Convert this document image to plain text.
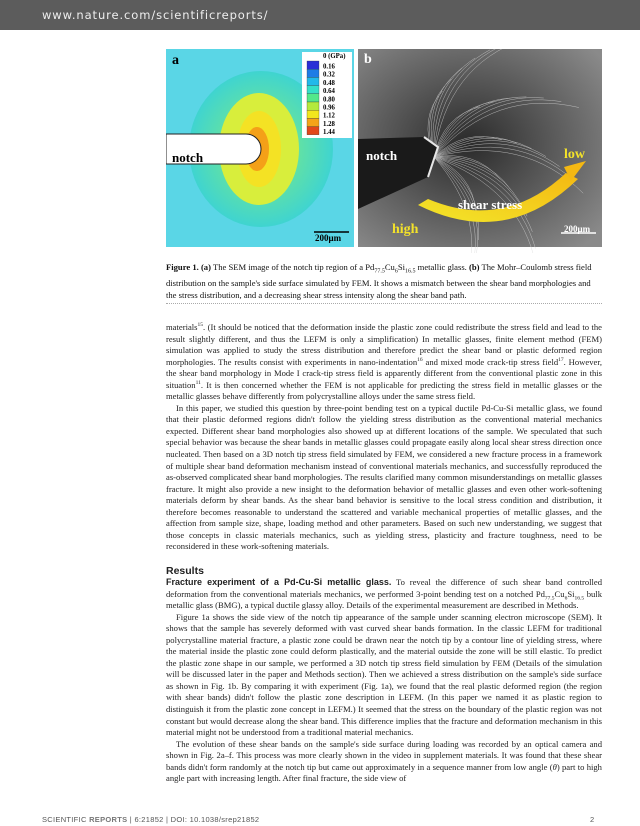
www.nature.com/scientificreports/
notch
a
200μm
0 (GPa)
0.16
0.32
0.48
0.64
0.80
0.96
1.12
1.28
1.44
b
notch	low
high
shear stress
200μm
Figure 1. (a) The SEM image of the notch tip region of a $Pd_{77.5}Cu_6Si_{16.5}$ metallic glass. (b) The Mohr–Coulomb stress field distribution on the sample's side surface simulated by FEM. It shows a mismatch between the shear band morphologies and the stress distribution, and a decreasing shear stress intensity along the shear band path.

materials$^{15}$. (It should be noticed that the deformation inside the plastic zone could redistribute the stress field and lead to the result slightly different, and thus the LEFM is only a simplification) In metallic glasses, finite element method (FEM) simulation was applied to study the stress distribution and therefore predict the shear band or plastic deformed region morphologies. The results consist with experiments in nano-indentation$^{16}$ and mixed mode crack-tip stress field$^{17}$. However, the shear band morphology in Mode I crack-tip stress field is apparently different from the conventional plastic zone in this situation$^{11}$. It is then concerned whether the FEM is not applicable for predicting the stress field in metallic glasses or the metallic glasses behave differently from polycrystalline alloys under the same stress field.

In this paper, we studied this question by three-point bending test on a typical ductile Pd-Cu-Si metallic glass, we found that their plastic deformed regions didn't follow the yielding stress distribution as the conventional material mechanics expected. Different shear band morphologies also showed up at different locations of the sample. We speculated that such special behavior was because the shear bands in metallic glasses could propagate easily along local shear stress direction once nucleated. Then based on a 3D notch tip stress field simulated by FEM, we considered a new fracture process in a framework of multiple shear band deformation mechanism instead of conventional materials mechanics, and successfully reproduced the as-observed complicated shear band morphologies. The results clarified many common misunderstandings on metallic glasses fracture. It might also provide a new insight to the deformation behavior of metallic glasses and even other work-softening materials deform by shear bands. As the shear band behavior is sensitive to the local stress condition and distribution, it therefore becomes reasonable to understand the scattered and variable mechanical properties of metallic glasses, and the affection from sample size, shape, loading method and other parameters. Based on such new understanding, we suggest that those concepts in classic materials mechanics, such as yielding stress, plasticity and fracture toughness, need to be reconsidered in these work-softening materials.

Results

Fracture experiment of a Pd-Cu-Si metallic glass. To reveal the difference of such shear band controlled deformation from the conventional materials mechanics, we performed 3-point bending test on a notched $Pd_{77.5}Cu_6Si_{16.5}$ bulk metallic glass (BMG), a typical ductile glassy alloy. Details of the experimental measurement are described in Methods.

Figure 1a shows the side view of the notch tip appearance of the sample under scanning electron microscope (SEM). It shows that the sample has severely deformed with vast curved shear bands formation. In the classic LEFM for traditional polycrystalline material fracture, a plastic zone could be drawn near the notch tip by a contour line of yielding stress, where the material inside the plastic zone could deform plastically, and the material outside the zone will be still elastic. To predict the plastic zone shape in our sample, we performed a 3D notch tip stress field simulation by FEM (Details of the simulation will be discussed later in the paper and Methods section). Then we achieved a stress distribution on the sample's side surface as shown in Fig. 1b. By comparing it with experiment (Fig. 1a), we found that the real plastic deformed region (the region with shear bands) didn't follow the plastic zone description in LEFM. (In this paper we named it as plastic region to distinguish it from the plastic zone concept in LEFM.) It seemed that the stress on the boundary of the plastic region was not constant but would decrease along the shear band. This difference implies that the fracture and deformation mechanism in this material might not be understood from a traditional material mechanics.

The evolution of these shear bands on the sample's side surface during loading was recorded by an optical camera and shown in Fig. 2a–f. This process was more clearly shown in the video in supplement materials. It was found that these shear bands didn't form randomly at the notch tip but came out approximately in a sequence manner from low angle (θ) part to high angle part with increasing length. After final fracture, the side view of

SCIENTIFIC REPORTS | 6:21852 | DOI: 10.1038/srep21852	2
